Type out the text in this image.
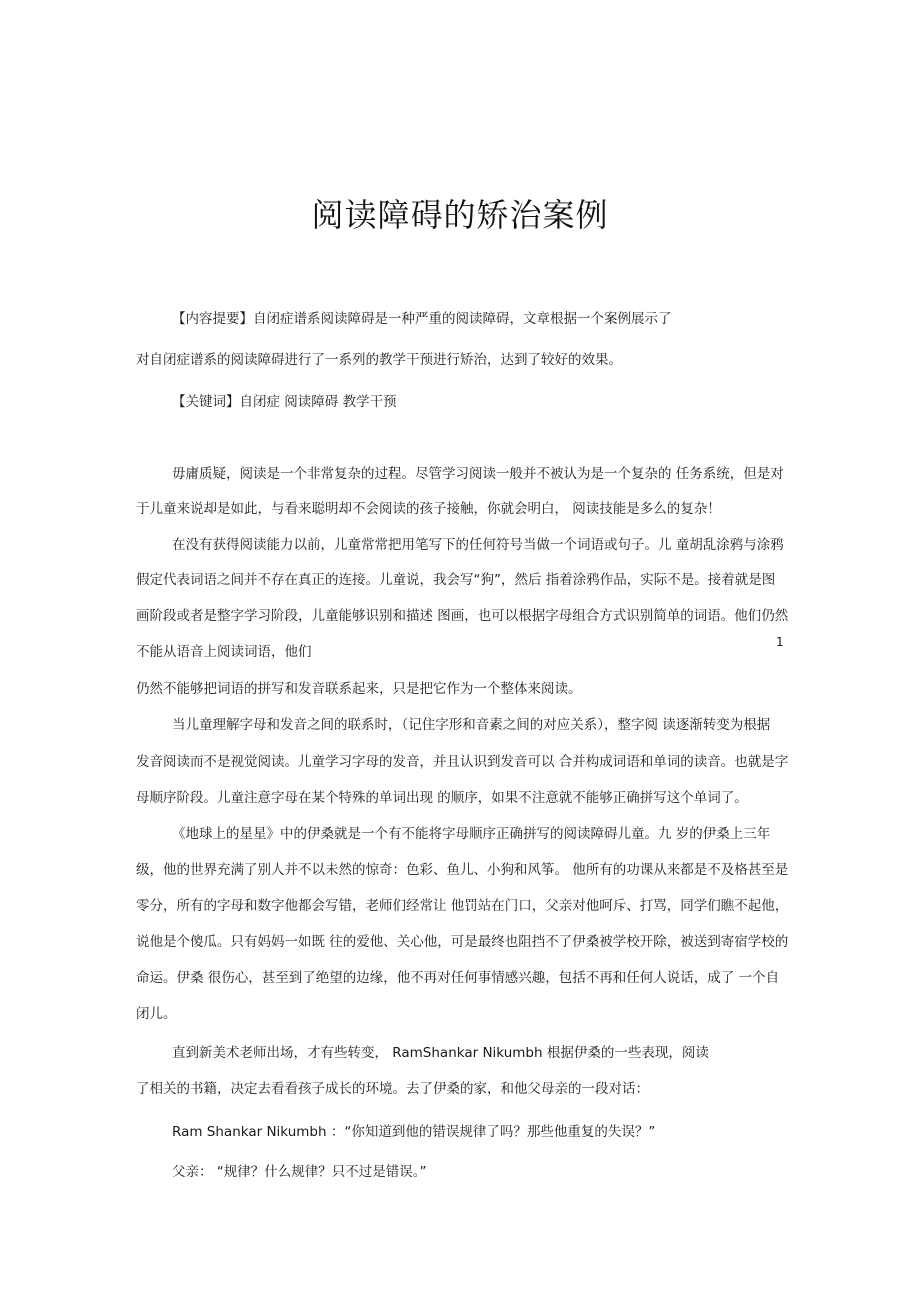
阅读障碍的矫治案例
【内容提要】自闭症谱系阅读障碍是一种严重的阅读障碍，文章根据一个案例展示了
对自闭症谱系的阅读障碍进行了一系列的教学干预进行矫治，达到了较好的效果。
【关键词】自闭症 阅读障碍 教学干预
毋庸质疑，阅读是一个非常复杂的过程。尽管学习阅读一般并不被认为是一个复杂的 任务系统，但是对
于儿童来说却是如此，与看来聪明却不会阅读的孩子接触，你就会明白， 阅读技能是多么的复杂！
在没有获得阅读能力以前，儿童常常把用笔写下的任何符号当做一个词语或句子。儿 童胡乱涂鸦与涂鸦
假定代表词语之间并不存在真正的连接。儿童说，我会写“狗”，然后 指着涂鸦作品，实际不是。接着就是图
画阶段或者是整字学习阶段，儿童能够识别和描述 图画，也可以根据字母组合方式识别简单的词语。他们仍然
不能从语音上阅读词语，他们
1
仍然不能够把词语的拼写和发音联系起来，只是把它作为一个整体来阅读。
当儿童理解字母和发音之间的联系时，（记住字形和音素之间的对应关系），整字阅 读逐渐转变为根据
发音阅读而不是视觉阅读。儿童学习字母的发音，并且认识到发音可以 合并构成词语和单词的读音。也就是字
母顺序阶段。儿童注意字母在某个特殊的单词出现 的顺序，如果不注意就不能够正确拼写这个单词了。
《地球上的星星》中的伊桑就是一个有不能将字母顺序正确拼写的阅读障碍儿童。九 岁的伊桑上三年
级，他的世界充满了别人并不以未然的惊奇：色彩、鱼儿、小狗和风筝。 他所有的功课从来都是不及格甚至是
零分，所有的字母和数字他都会写错，老师们经常让 他罚站在门口，父亲对他呵斥、打骂，同学们瞧不起他，
说他是个傻瓜。只有妈妈一如既 往的爱他、关心他，可是最终也阻挡不了伊桑被学校开除，被送到寄宿学校的
命运。伊桑 很伤心，甚至到了绝望的边缘，他不再对任何事情感兴趣，包括不再和任何人说话，成了 一个自
闭儿。
直到新美术老师出场，才有些转变， RamShankar Nikumbh 根据伊桑的一些表现，阅读
了相关的书籍，决定去看看孩子成长的环境。去了伊桑的家，和他父母亲的一段对话：
Ram Shankar Nikumbh ：“你知道到他的错误规律了吗？那些他重复的失误？”
父亲： “规律？什么规律？只不过是错误。”
